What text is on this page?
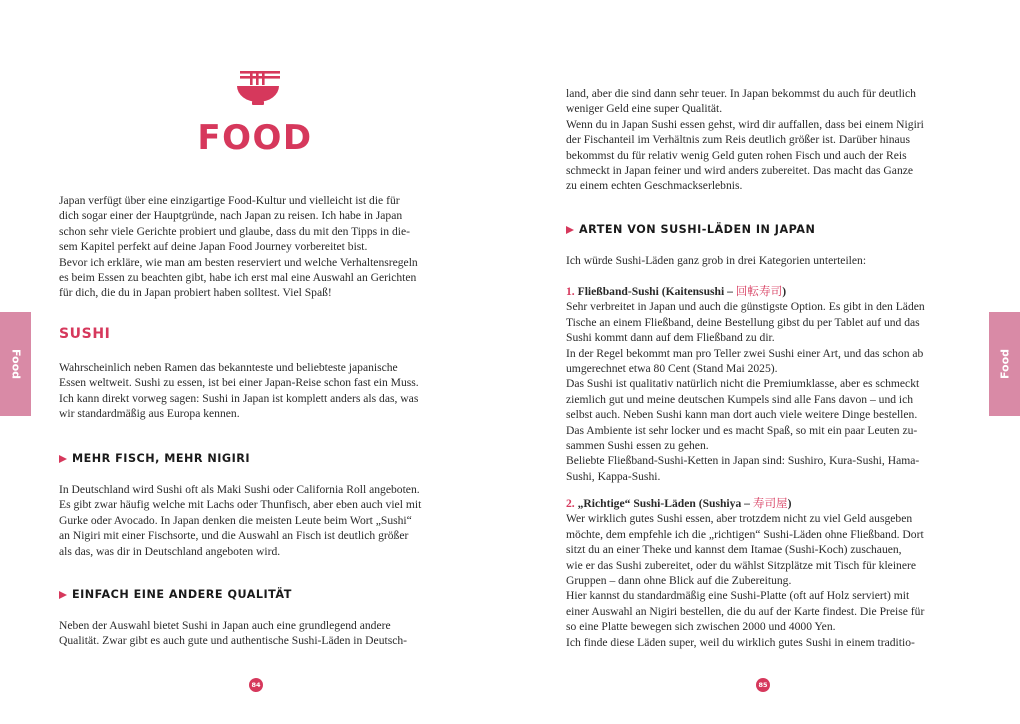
FOOD

Japan verfügt über eine einzigartige Food-Kultur und vielleicht ist die für
dich sogar einer der Hauptgründe, nach Japan zu reisen. Ich habe in Japan
schon sehr viele Gerichte probiert und glaube, dass du mit den Tipps in die-
sem Kapitel perfekt auf deine Japan Food Journey vorbereitet bist.
Bevor ich erkläre, wie man am besten reserviert und welche Verhaltensregeln
es beim Essen zu beachten gibt, habe ich erst mal eine Auswahl an Gerichten
für dich, die du in Japan probiert haben solltest. Viel Spaß!

SUSHI

Wahrscheinlich neben Ramen das bekannteste und beliebteste japanische
Essen weltweit. Sushi zu essen, ist bei einer Japan-Reise schon fast ein Muss.
Ich kann direkt vorweg sagen: Sushi in Japan ist komplett anders als das, was
wir standardmäßig aus Europa kennen.

MEHR FISCH, MEHR NIGIRI

In Deutschland wird Sushi oft als Maki Sushi oder California Roll angeboten.
Es gibt zwar häufig welche mit Lachs oder Thunfisch, aber eben auch viel mit
Gurke oder Avocado. In Japan denken die meisten Leute beim Wort „Sushi“
an Nigiri mit einer Fischsorte, und die Auswahl an Fisch ist deutlich größer
als das, was dir in Deutschland angeboten wird.

EINFACH EINE ANDERE QUALITÄT

Neben der Auswahl bietet Sushi in Japan auch eine grundlegend andere
Qualität. Zwar gibt es auch gute und authentische Sushi-Läden in Deutsch-

Food
84

land, aber die sind dann sehr teuer. In Japan bekommst du auch für deutlich
weniger Geld eine super Qualität.
Wenn du in Japan Sushi essen gehst, wird dir auffallen, dass bei einem Nigiri
der Fischanteil im Verhältnis zum Reis deutlich größer ist. Darüber hinaus
bekommst du für relativ wenig Geld guten rohen Fisch und auch der Reis
schmeckt in Japan feiner und wird anders zubereitet. Das macht das Ganze
zu einem echten Geschmackserlebnis.

ARTEN VON SUSHI-LÄDEN IN JAPAN

Ich würde Sushi-Läden ganz grob in drei Kategorien unterteilen:

1. Fließband-Sushi (Kaitensushi – 回転寿司)

Sehr verbreitet in Japan und auch die günstigste Option. Es gibt in den Läden
Tische an einem Fließband, deine Bestellung gibst du per Tablet auf und das
Sushi kommt dann auf dem Fließband zu dir.
In der Regel bekommt man pro Teller zwei Sushi einer Art, und das schon ab
umgerechnet etwa 80 Cent (Stand Mai 2025).
Das Sushi ist qualitativ natürlich nicht die Premiumklasse, aber es schmeckt
ziemlich gut und meine deutschen Kumpels sind alle Fans davon – und ich
selbst auch. Neben Sushi kann man dort auch viele weitere Dinge bestellen.
Das Ambiente ist sehr locker und es macht Spaß, so mit ein paar Leuten zu-
sammen Sushi essen zu gehen.
Beliebte Fließband-Sushi-Ketten in Japan sind: Sushiro, Kura-Sushi, Hama-
Sushi, Kappa-Sushi.

2. „Richtige“ Sushi-Läden (Sushiya – 寿司屋)

Wer wirklich gutes Sushi essen, aber trotzdem nicht zu viel Geld ausgeben
möchte, dem empfehle ich die „richtigen“ Sushi-Läden ohne Fließband. Dort
sitzt du an einer Theke und kannst dem Itamae (Sushi-Koch) zuschauen,
wie er das Sushi zubereitet, oder du wählst Sitzplätze mit Tisch für kleinere
Gruppen – dann ohne Blick auf die Zubereitung.
Hier kannst du standardmäßig eine Sushi-Platte (oft auf Holz serviert) mit
einer Auswahl an Nigiri bestellen, die du auf der Karte findest. Die Preise für
so eine Platte bewegen sich zwischen 2000 und 4000 Yen.
Ich finde diese Läden super, weil du wirklich gutes Sushi in einem traditio-

Food
85
